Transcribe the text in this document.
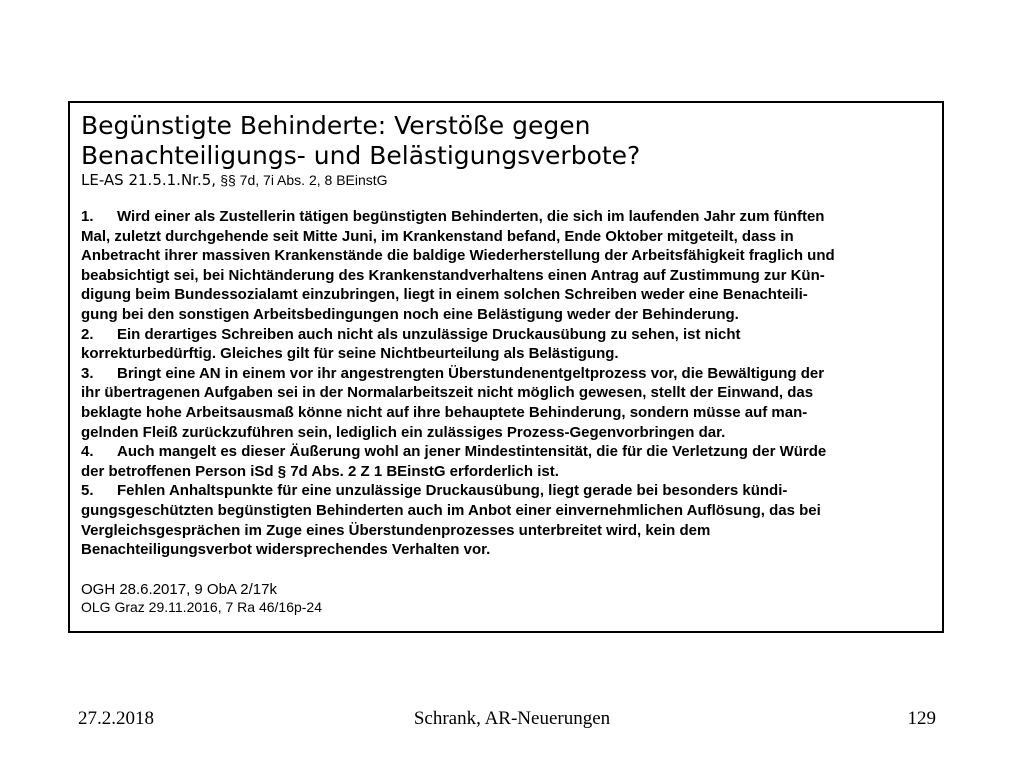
Begünstigte Behinderte: Verstöße gegen
Benachteiligungs- und Belästigungsverbote?
LE-AS 21.5.1.Nr.5, §§ 7d, 7i Abs. 2, 8 BEinstG
1. Wird einer als Zustellerin tätigen begünstigten Behinderten, die sich im laufenden Jahr zum fünften
Mal, zuletzt durchgehende seit Mitte Juni, im Krankenstand befand, Ende Oktober mitgeteilt, dass in
Anbetracht ihrer massiven Krankenstände die baldige Wiederherstellung der Arbeitsfähigkeit fraglich und
beabsichtigt sei, bei Nichtänderung des Krankenstandverhaltens einen Antrag auf Zustimmung zur Kün-
digung beim Bundessozialamt einzubringen, liegt in einem solchen Schreiben weder eine Benachteili-
gung bei den sonstigen Arbeitsbedingungen noch eine Belästigung weder der Behinderung.
2. Ein derartiges Schreiben auch nicht als unzulässige Druckausübung zu sehen, ist nicht
korrekturbedürftig. Gleiches gilt für seine Nichtbeurteilung als Belästigung.
3. Bringt eine AN in einem vor ihr angestrengten Überstundenentgeltprozess vor, die Bewältigung der
ihr übertragenen Aufgaben sei in der Normalarbeitszeit nicht möglich gewesen, stellt der Einwand, das
beklagte hohe Arbeitsausmaß könne nicht auf ihre behauptete Behinderung, sondern müsse auf man-
gelnden Fleiß zurückzuführen sein, lediglich ein zulässiges Prozess-Gegenvorbringen dar.
4. Auch mangelt es dieser Äußerung wohl an jener Mindestintensität, die für die Verletzung der Würde
der betroffenen Person iSd § 7d Abs. 2 Z 1 BEinstG erforderlich ist.
5. Fehlen Anhaltspunkte für eine unzulässige Druckausübung, liegt gerade bei besonders kündi-
gungsgeschützten begünstigten Behinderten auch im Anbot einer einvernehmlichen Auflösung, das bei
Vergleichsgesprächen im Zuge eines Überstundenprozesses unterbreitet wird, kein dem
Benachteiligungsverbot widersprechendes Verhalten vor.
OGH 28.6.2017, 9 ObA 2/17k
OLG Graz 29.11.2016, 7 Ra 46/16p-24
27.2.2018	Schrank, AR-Neuerungen	129
